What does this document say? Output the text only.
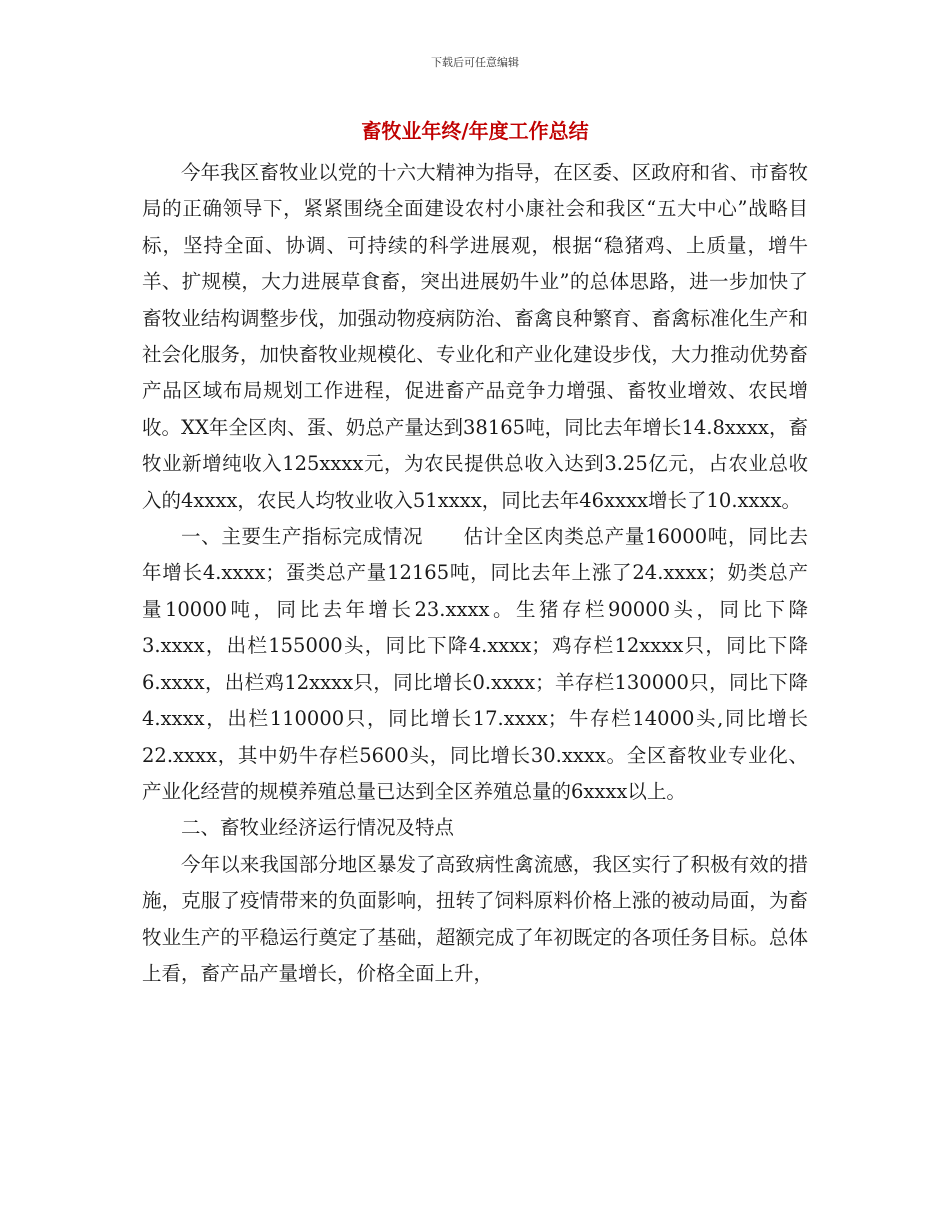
下载后可任意编辑
畜牧业年终/年度工作总结

今年我区畜牧业以党的十六大精神为指导，在区委、区政府和省、市畜牧局的正确领导下，紧紧围绕全面建设农村小康社会和我区“五大中心”战略目标，坚持全面、协调、可持续的科学进展观，根据“稳猪鸡、上质量，增牛羊、扩规模，大力进展草食畜，突出进展奶牛业”的总体思路，进一步加快了畜牧业结构调整步伐，加强动物疫病防治、畜禽良种繁育、畜禽标准化生产和社会化服务，加快畜牧业规模化、专业化和产业化建设步伐，大力推动优势畜产品区域布局规划工作进程，促进畜产品竞争力增强、畜牧业增效、农民增收。XX年全区肉、蛋、奶总产量达到38165吨，同比去年增长14.8xxxx，畜牧业新增纯收入125xxxx元，为农民提供总收入达到3.25亿元，占农业总收入的4xxxx，农民人均牧业收入51xxxx，同比去年46xxxx增长了10.xxxx。

一、主要生产指标完成情况　　估计全区肉类总产量16000吨，同比去年增长4.xxxx；蛋类总产量12165吨，同比去年上涨了24.xxxx；奶类总产量10000吨，同比去年增长23.xxxx。生猪存栏90000头，同比下降3.xxxx，出栏155000头，同比下降4.xxxx；鸡存栏12xxxx只，同比下降6.xxxx，出栏鸡12xxxx只，同比增长0.xxxx；羊存栏130000只，同比下降4.xxxx，出栏110000只，同比增长17.xxxx；牛存栏14000头,同比增长22.xxxx，其中奶牛存栏5600头，同比增长30.xxxx。全区畜牧业专业化、产业化经营的规模养殖总量已达到全区养殖总量的6xxxx以上。

二、畜牧业经济运行情况及特点

今年以来我国部分地区暴发了高致病性禽流感，我区实行了积极有效的措施，克服了疫情带来的负面影响，扭转了饲料原料价格上涨的被动局面，为畜牧业生产的平稳运行奠定了基础，超额完成了年初既定的各项任务目标。总体上看，畜产品产量增长，价格全面上升，
